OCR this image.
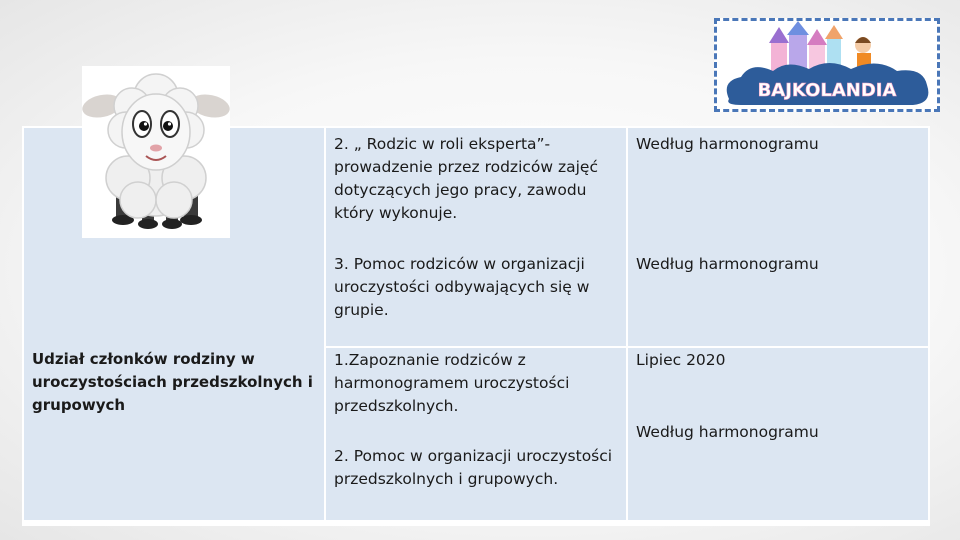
Udział członków rodziny w uroczystościach przedszkolnych i grupowych
2. „ Rodzic w roli eksperta”- prowadzenie przez rodziców zajęć dotyczących jego pracy, zawodu który wykonuje.
3. Pomoc rodziców w organizacji uroczystości odbywających się w grupie.
1.Zapoznanie rodziców z harmonogramem uroczystości przedszkolnych.
2. Pomoc w organizacji uroczystości przedszkolnych i grupowych.
Według harmonogramu
Według harmonogramu
Lipiec 2020
Według harmonogramu
BAJKOLANDIA
